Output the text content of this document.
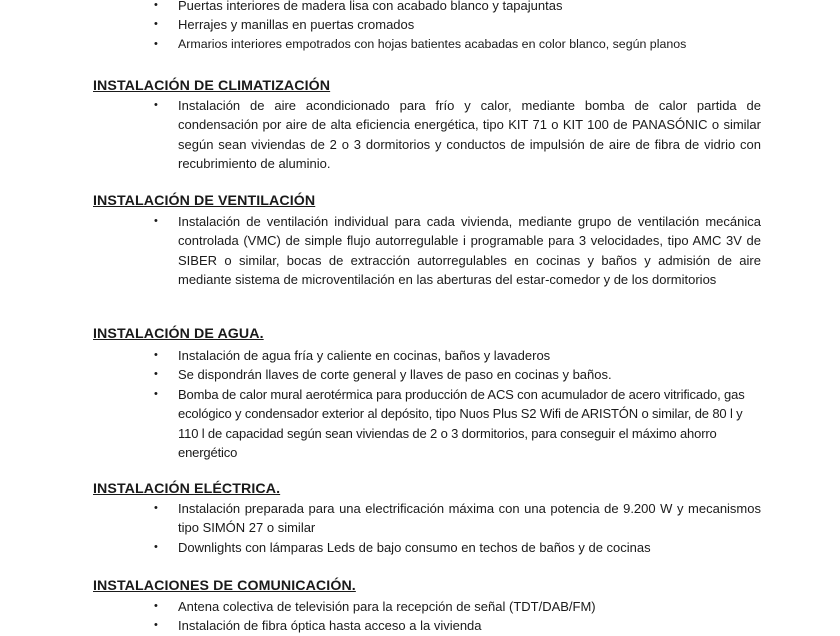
• Puertas interiores de madera lisa con acabado blanco y tapajuntas
• Herrajes y manillas en puertas cromados
• Armarios interiores empotrados con hojas batientes acabadas en color blanco, según planos
INSTALACIÓN DE CLIMATIZACIÓN
• Instalación de aire acondicionado para frío y calor, mediante bomba de calor partida de condensación por aire de alta eficiencia energética, tipo KIT 71 o KIT 100 de PANASÓNIC o similar según sean viviendas de 2 o 3 dormitorios y conductos de impulsión de aire de fibra de vidrio con recubrimiento de aluminio.
INSTALACIÓN DE VENTILACIÓN
• Instalación de ventilación individual para cada vivienda, mediante grupo de ventilación mecánica controlada (VMC) de simple flujo autorregulable i programable para 3 velocidades, tipo AMC 3V de SIBER o similar, bocas de extracción autorregulables en cocinas y baños y admisión de aire mediante sistema de microventilación en las aberturas del estar-comedor y de los dormitorios
INSTALACIÓN DE AGUA.
• Instalación de agua fría y caliente en cocinas, baños y lavaderos
• Se dispondrán llaves de corte general y llaves de paso en cocinas y baños.
• Bomba de calor mural aerotérmica para producción de ACS con acumulador de acero vitrificado, gas ecológico y condensador exterior al depósito, tipo Nuos Plus S2 Wifi de ARISTÓN o similar, de 80 l y 110 l de capacidad según sean viviendas de 2 o 3 dormitorios, para conseguir el máximo ahorro energético
INSTALACIÓN ELÉCTRICA.
• Instalación preparada para una electrificación máxima con una potencia de 9.200 W y mecanismos tipo SIMÓN 27 o similar
• Downlights con lámparas Leds de bajo consumo en techos de baños y de cocinas
INSTALACIONES DE COMUNICACIÓN.
• Antena colectiva de televisión para la recepción de señal (TDT/DAB/FM)
• Instalación de fibra óptica hasta acceso a la vivienda
